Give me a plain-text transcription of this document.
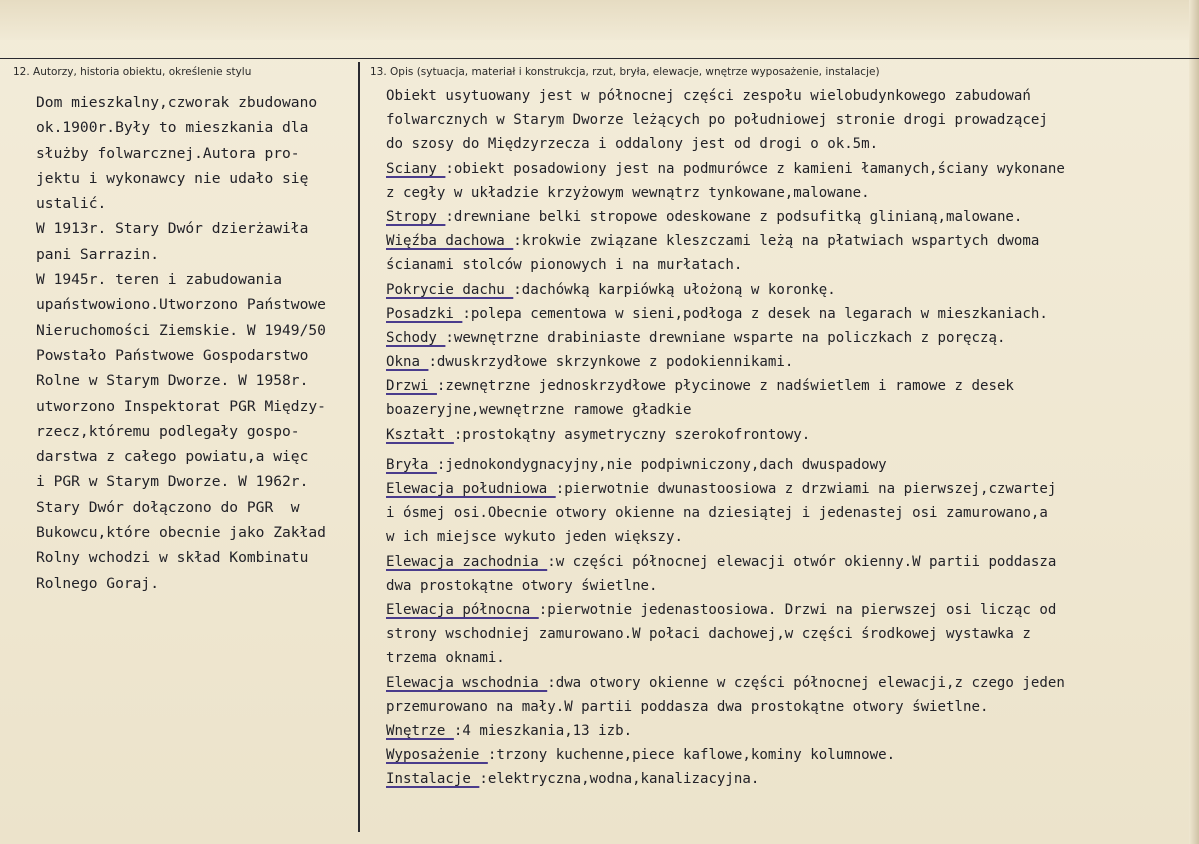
12. Autorzy, historia obiektu, określenie stylu	13. Opis (sytuacja, materiał i konstrukcja, rzut, bryła, elewacje, wnętrze wyposażenie, instalacje)
Dom mieszkalny,czworak zbudowano
ok.1900r.Były to mieszkania dla
służby folwarcznej.Autora pro-
jektu i wykonawcy nie udało się
ustalić.
W 1913r. Stary Dwór dzierżawiła
pani Sarrazin.
W 1945r. teren i zabudowania
upaństwowiono.Utworzono Państwowe
Nieruchomości Ziemskie. W 1949/50
Powstało Państwowe Gospodarstwo
Rolne w Starym Dworze. W 1958r.
utworzono Inspektorat PGR Między-
rzecz,któremu podlegały gospo-
darstwa z całego powiatu,a więc
i PGR w Starym Dworze. W 1962r.
Stary Dwór dołączono do PGR  w
Bukowcu,które obecnie jako Zakład
Rolny wchodzi w skład Kombinatu
Rolnego Goraj.
Obiekt usytuowany jest w północnej części zespołu wielobudynkowego zabudowań
folwarcznych w Starym Dworze leżących po południowej stronie drogi prowadzącej
do szosy do Międzyrzecza i oddalony jest od drogi o ok.5m.
Sciany :obiekt posadowiony jest na podmurówce z kamieni łamanych,ściany wykonane
z cegły w układzie krzyżowym wewnątrz tynkowane,malowane.
Stropy :drewniane belki stropowe odeskowane z podsufitką glinianą,malowane.
Więźba dachowa :krokwie związane kleszczami leżą na płatwiach wspartych dwoma
ścianami stolców pionowych i na murłatach.
Pokrycie dachu :dachówką karpiówką ułożoną w koronkę.
Posadzki :polepa cementowa w sieni,podłoga z desek na legarach w mieszkaniach.
Schody :wewnętrzne drabiniaste drewniane wsparte na policzkach z poręczą.
Okna :dwuskrzydłowe skrzynkowe z podokiennikami.
Drzwi :zewnętrzne jednoskrzydłowe płycinowe z nadświetlem i ramowe z desek
boazeryjne,wewnętrzne ramowe gładkie
Kształt :prostokątny asymetryczny szerokofrontowy.
Bryła :jednokondygnacyjny,nie podpiwniczony,dach dwuspadowy
Elewacja południowa :pierwotnie dwunastoosiowa z drzwiami na pierwszej,czwartej
i ósmej osi.Obecnie otwory okienne na dziesiątej i jedenastej osi zamurowano,a
w ich miejsce wykuto jeden większy.
Elewacja zachodnia :w części północnej elewacji otwór okienny.W partii poddasza
dwa prostokątne otwory świetlne.
Elewacja północna :pierwotnie jedenastoosiowa. Drzwi na pierwszej osi licząc od
strony wschodniej zamurowano.W połaci dachowej,w części środkowej wystawka z
trzema oknami.
Elewacja wschodnia :dwa otwory okienne w części północnej elewacji,z czego jeden
przemurowano na mały.W partii poddasza dwa prostokątne otwory świetlne.
Wnętrze :4 mieszkania,13 izb.
Wyposażenie :trzony kuchenne,piece kaflowe,kominy kolumnowe.
Instalacje :elektryczna,wodna,kanalizacyjna.
